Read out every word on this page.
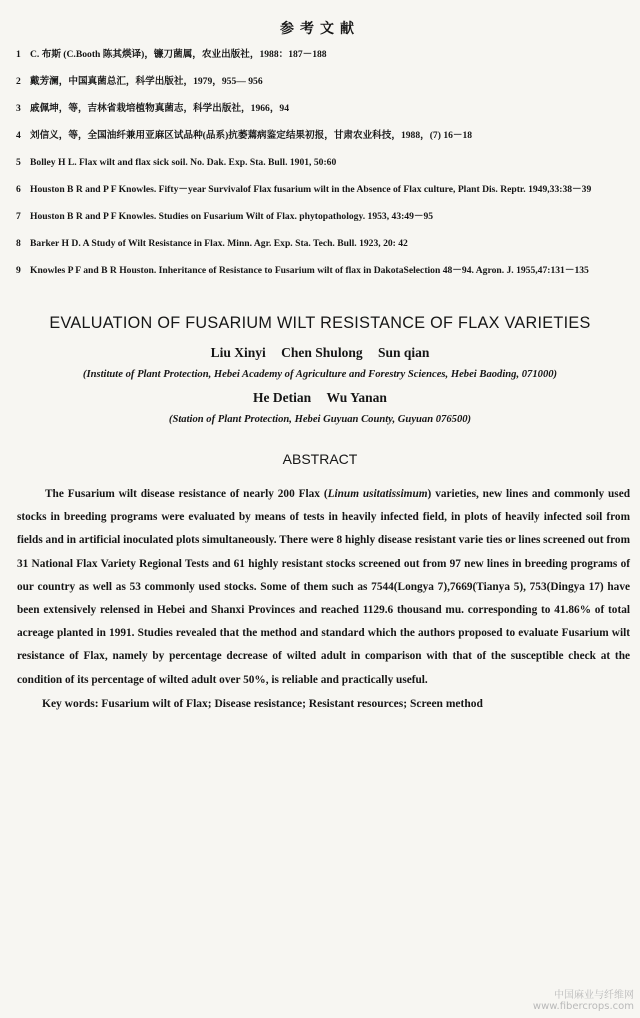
参考文献
1 C. 布斯 (C.Booth 陈其煐译)，镰刀菌属，农业出版社，1988：187－188
2 戴芳澜，中国真菌总汇，科学出版社，1979，955— 956
3 戚佩坤，等，吉林省栽培植物真菌志，科学出版社，1966，94
4 刘信义，等，全国油纤兼用亚麻区试品种(品系)抗萎蔫病鉴定结果初报，甘肃农业科技，1988，(7) 16－18
5 Bolley H L. Flax wilt and flax sick soil. No. Dak. Exp. Sta. Bull. 1901, 50:60
6 Houston B R and P F Knowles. Fifty－year Survivalof Flax fusarium wilt in the Absence of Flax culture, Plant Dis. Reptr. 1949,33:38－39
7 Houston B R and P F Knowles. Studies on Fusarium Wilt of Flax. phytopathology. 1953, 43:49－95
8 Barker H D. A Study of Wilt Resistance in Flax. Minn. Agr. Exp. Sta. Tech. Bull. 1923, 20: 42
9 Knowles P F and B R Houston. Inheritance of Resistance to Fusarium wilt of flax in DakotaSelection 48－94. Agron. J. 1955,47:131－135
EVALUATION OF FUSARIUM WILT RESISTANCE OF FLAX VARIETIES
Liu Xinyi Chen Shulong Sun qian
(Institute of Plant Protection, Hebei Academy of Agriculture and Forestry Sciences, Hebei Baoding, 071000)
He Detian Wu Yanan
(Station of Plant Protection, Hebei Guyuan County, Guyuan 076500)
ABSTRACT

The Fusarium wilt disease resistance of nearly 200 Flax (Linum usitatissimum) varieties, new lines and commonly used stocks in breeding programs were evaluated by means of tests in heavily infected field, in plots of heavily infected soil from fields and in artificial inoculated plots simultaneously. There were 8 highly disease resistant varie ties or lines screened out from 31 National Flax Variety Regional Tests and 61 highly resistant stocks screened out from 97 new lines in breeding programs of our country as well as 53 commonly used stocks. Some of them such as 7544(Longya 7),7669(Tianya 5), 753(Dingya 17) have been extensively relensed in Hebei and Shanxi Provinces and reached 1129.6 thousand mu. corresponding to 41.86% of total acreage planted in 1991. Studies revealed that the method and standard which the authors proposed to evaluate Fusarium wilt resistance of Flax, namely by percentage decrease of wilted adult in comparison with that of the susceptible check at the condition of its percentage of wilted adult over 50%, is reliable and practically useful.

Key words: Fusarium wilt of Flax; Disease resistance; Resistant resources; Screen method
中国麻业与纤维网
www.fibercrops.com
